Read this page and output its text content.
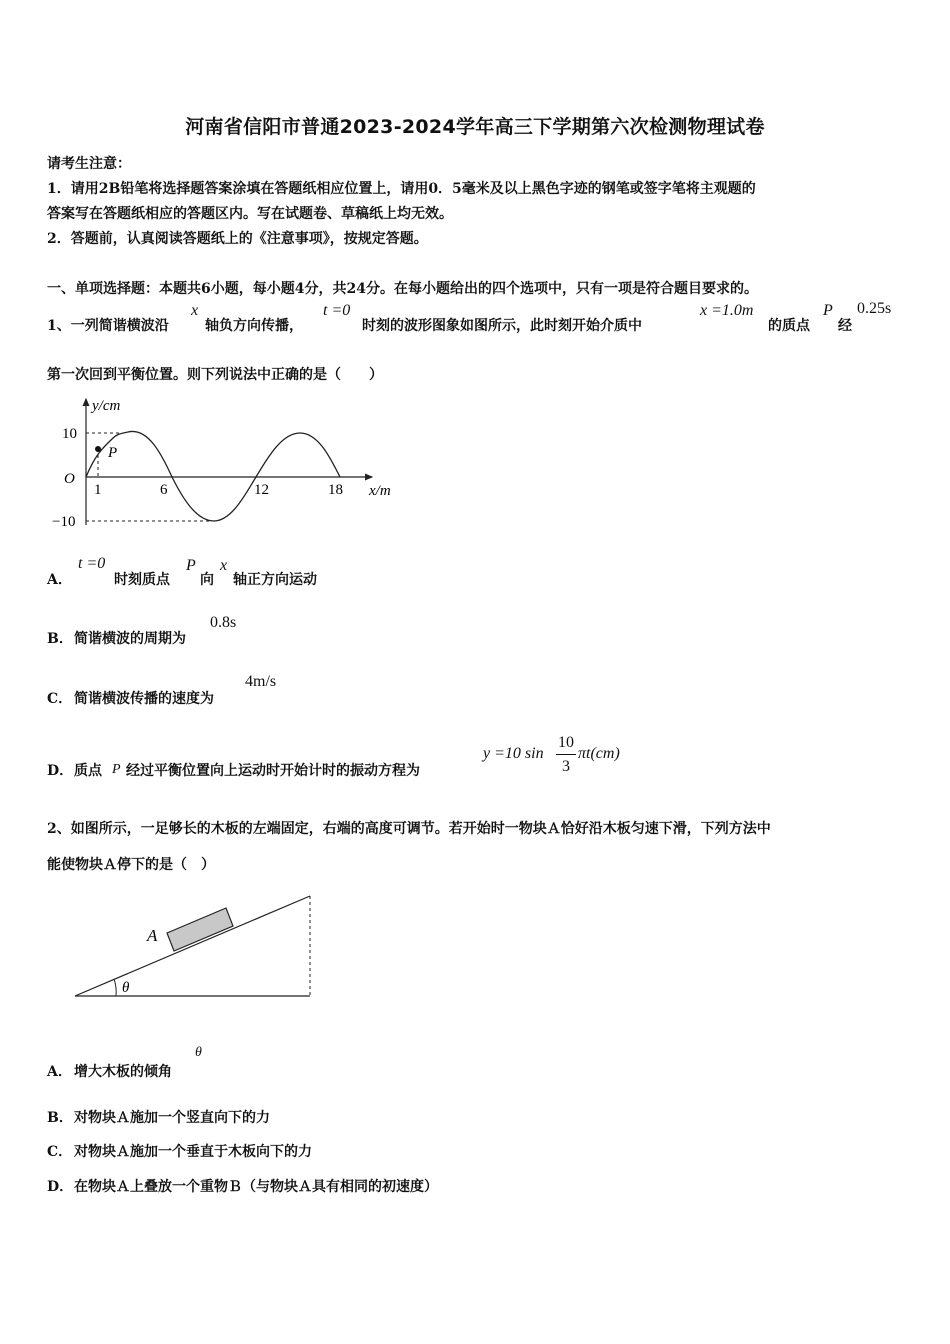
河南省信阳市普通2023-2024学年高三下学期第六次检测物理试卷
请考生注意：
1．请用2B铅笔将选择题答案涂填在答题纸相应位置上，请用0．5毫米及以上黑色字迹的钢笔或签字笔将主观题的
答案写在答题纸相应的答题区内。写在试题卷、草稿纸上均无效。
2．答题前，认真阅读答题纸上的《注意事项》，按规定答题。
一、单项选择题：本题共6小题，每小题4分，共24分。在每小题给出的四个选项中，只有一项是符合题目要求的。
1、一列简谐横波沿
x
轴负方向传播，
t =0
时刻的波形图象如图所示，此时刻开始介质中
x =1.0m
的质点
P
经
0.25s
第一次回到平衡位置。则下列说法中正确的是（　　）
y/cm
x/m
O
P
10
−10
1	6	12	18
A．
t =0
时刻质点
P
向
x
轴正方向运动
B． 简谐横波的周期为
0.8s
C． 简谐横波传播的速度为
4m/s
D． 质点 P 经过平衡位置向上运动时开始计时的振动方程为
y =10 sin
10
3
πt(cm)
2、如图所示，一足够长的木板的左端固定，右端的高度可调节。若开始时一物块Ａ恰好沿木板匀速下滑，下列方法中
能使物块Ａ停下的是（　）
A
θ
A． 增大木板的倾角
θ
B． 对物块Ａ施加一个竖直向下的力
C． 对物块Ａ施加一个垂直于木板向下的力
D． 在物块Ａ上叠放一个重物Ｂ（与物块Ａ具有相同的初速度）
